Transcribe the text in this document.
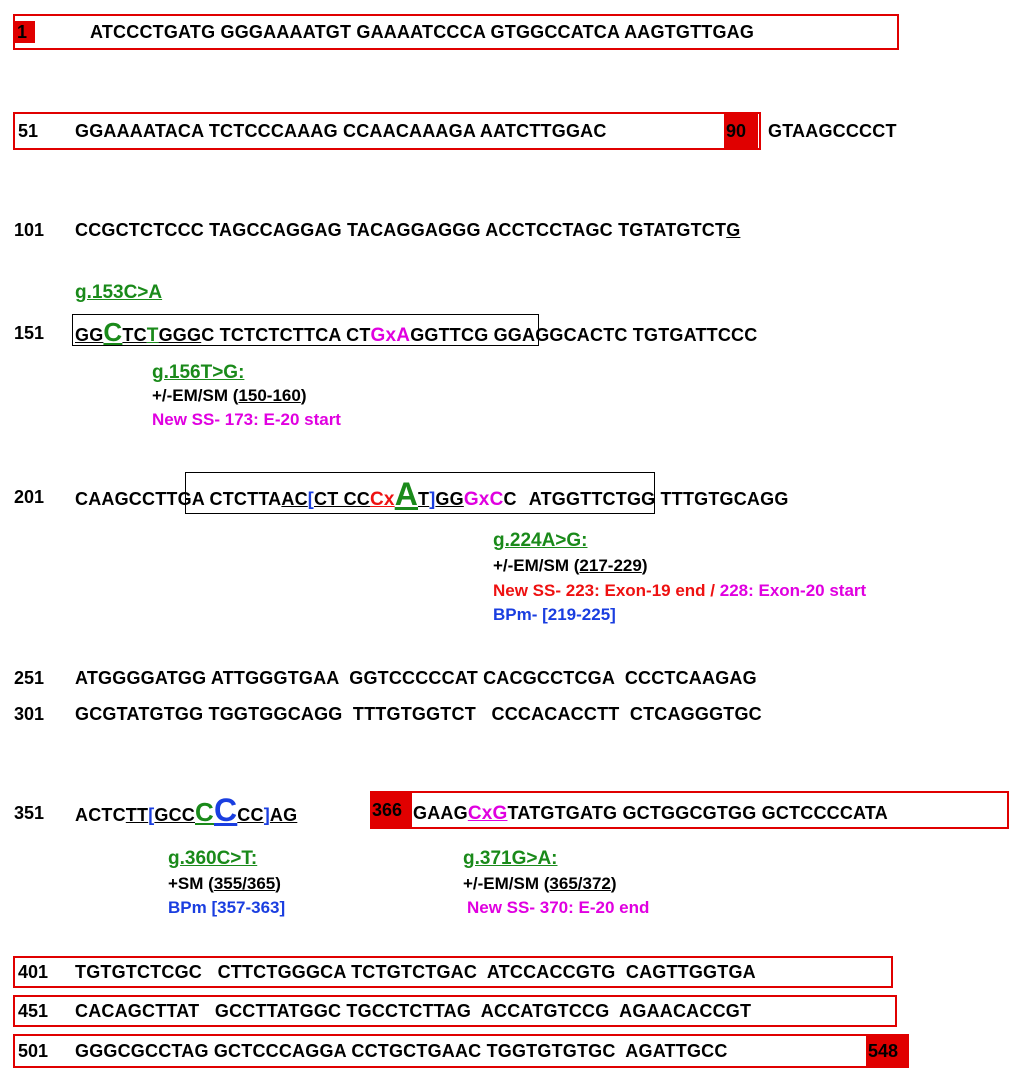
1	ATCCCTGATG GGGAAAATGT GAAAATCCCA GTGGCCATCA AAGTGTTGAG
51 GGAAAATACA TCTCCCAAAG CCAACAAAGA AATCTTGGAC	90	GTAAGCCCCT
101 CCGCTCTCCC TAGCCAGGAG TACAGGAGGG ACCTCCTAGC TGTATGTCTG
g.153C>A
151 GGCTCTGGGC TCTCTCTTCA CTGxAGGTTCG GGAGGCACTC TGTGATTCCC
g.156T>G:
+/-EM/SM (150-160)
New SS- 173: E-20 start
201 CAAGCCTTGA CTCTTAAC[CT CCCxAT]GGGxCC ATGGTTCTGG TTTGTGCAGG
g.224A>G:
+/-EM/SM (217-229)
New SS- 223: Exon-19 end / 228: Exon-20 start
BPm- [219-225]
251 ATGGGGATGG ATTGGGTGAA  GGTCCCCCAT CACGCCTCGA  CCCTCAAGAG
301 GCGTATGTGG TGGTGGCAGG  TTTGTGGTCT   CCCACACCTT  CTCAGGGTGC
351 ACTCTT[GCCCCCC]AG	366 GAAGCxGTATGTGATG GCTGGCGTGG GCTCCCCATA
g.360C>T:
+SM (355/365)
BPm [357-363]
g.371G>A:
+/-EM/SM (365/372)
New SS- 370: E-20 end
401 TGTGTCTCGC   CTTCTGGGCA TCTGTCTGAC  ATCCACCGTG  CAGTTGGTGA
451 CACAGCTTAT   GCCTTATGGC TGCCTCTTAG  ACCATGTCCG  AGAACACCGT
501 GGGCGCCTAG GCTCCCAGGA CCTGCTGAAC TGGTGTGTGC  AGATTGCC	548
